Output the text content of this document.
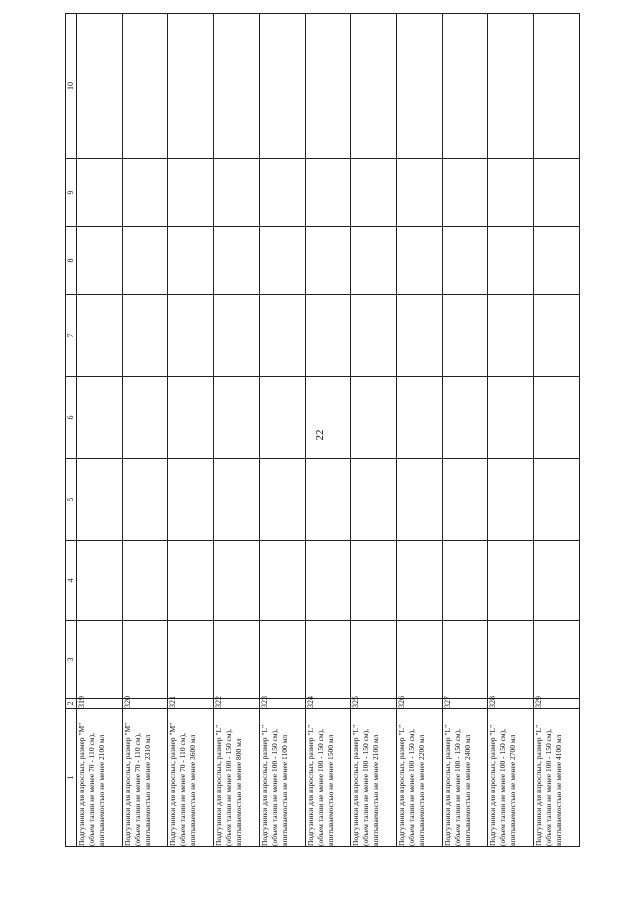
22
1	2	3	4	5	6	7	8	9	10
Подгузники для взрослых, размер "M" (объем талии не менее 70 - 110 см), впитываемостью не менее 2100 мл	319								
Подгузники для взрослых, размер "M" (объем талии не менее 70 - 110 см), впитываемостью не менее 2310 мл	320								
Подгузники для взрослых, размер "M" (объем талии не менее 70 - 110 см), впитываемостью не менее 3600 мл	321								
Подгузники для взрослых, размер "L" (объем талии не менее 100 - 150 см), впитываемостью не менее 800 мл	322								
Подгузники для взрослых, размер "L" (объем талии не менее 100 - 150 см), впитываемостью не менее 1100 мл	323								
Подгузники для взрослых, размер "L" (объем талии не менее 100 - 150 см), впитываемостью не менее 1500 мл	324								
Подгузники для взрослых, размер "L" (объем талии не менее 100 - 150 см), впитываемостью не менее 2100 мл	325								
Подгузники для взрослых, размер "L" (объем талии не менее 100 - 150 см), впитываемостью не менее 2200 мл	326								
Подгузники для взрослых, размер "L" (объем талии не менее 100 - 150 см), впитываемостью не менее 2400 мл	327								
Подгузники для взрослых, размер "L" (объем талии не менее 100 - 150 см), впитываемостью не менее 2700 мл	328								
Подгузники для взрослых, размер "L" (объем талии не менее 100 - 150 см), впитываемостью не менее 4100 мл	329								
